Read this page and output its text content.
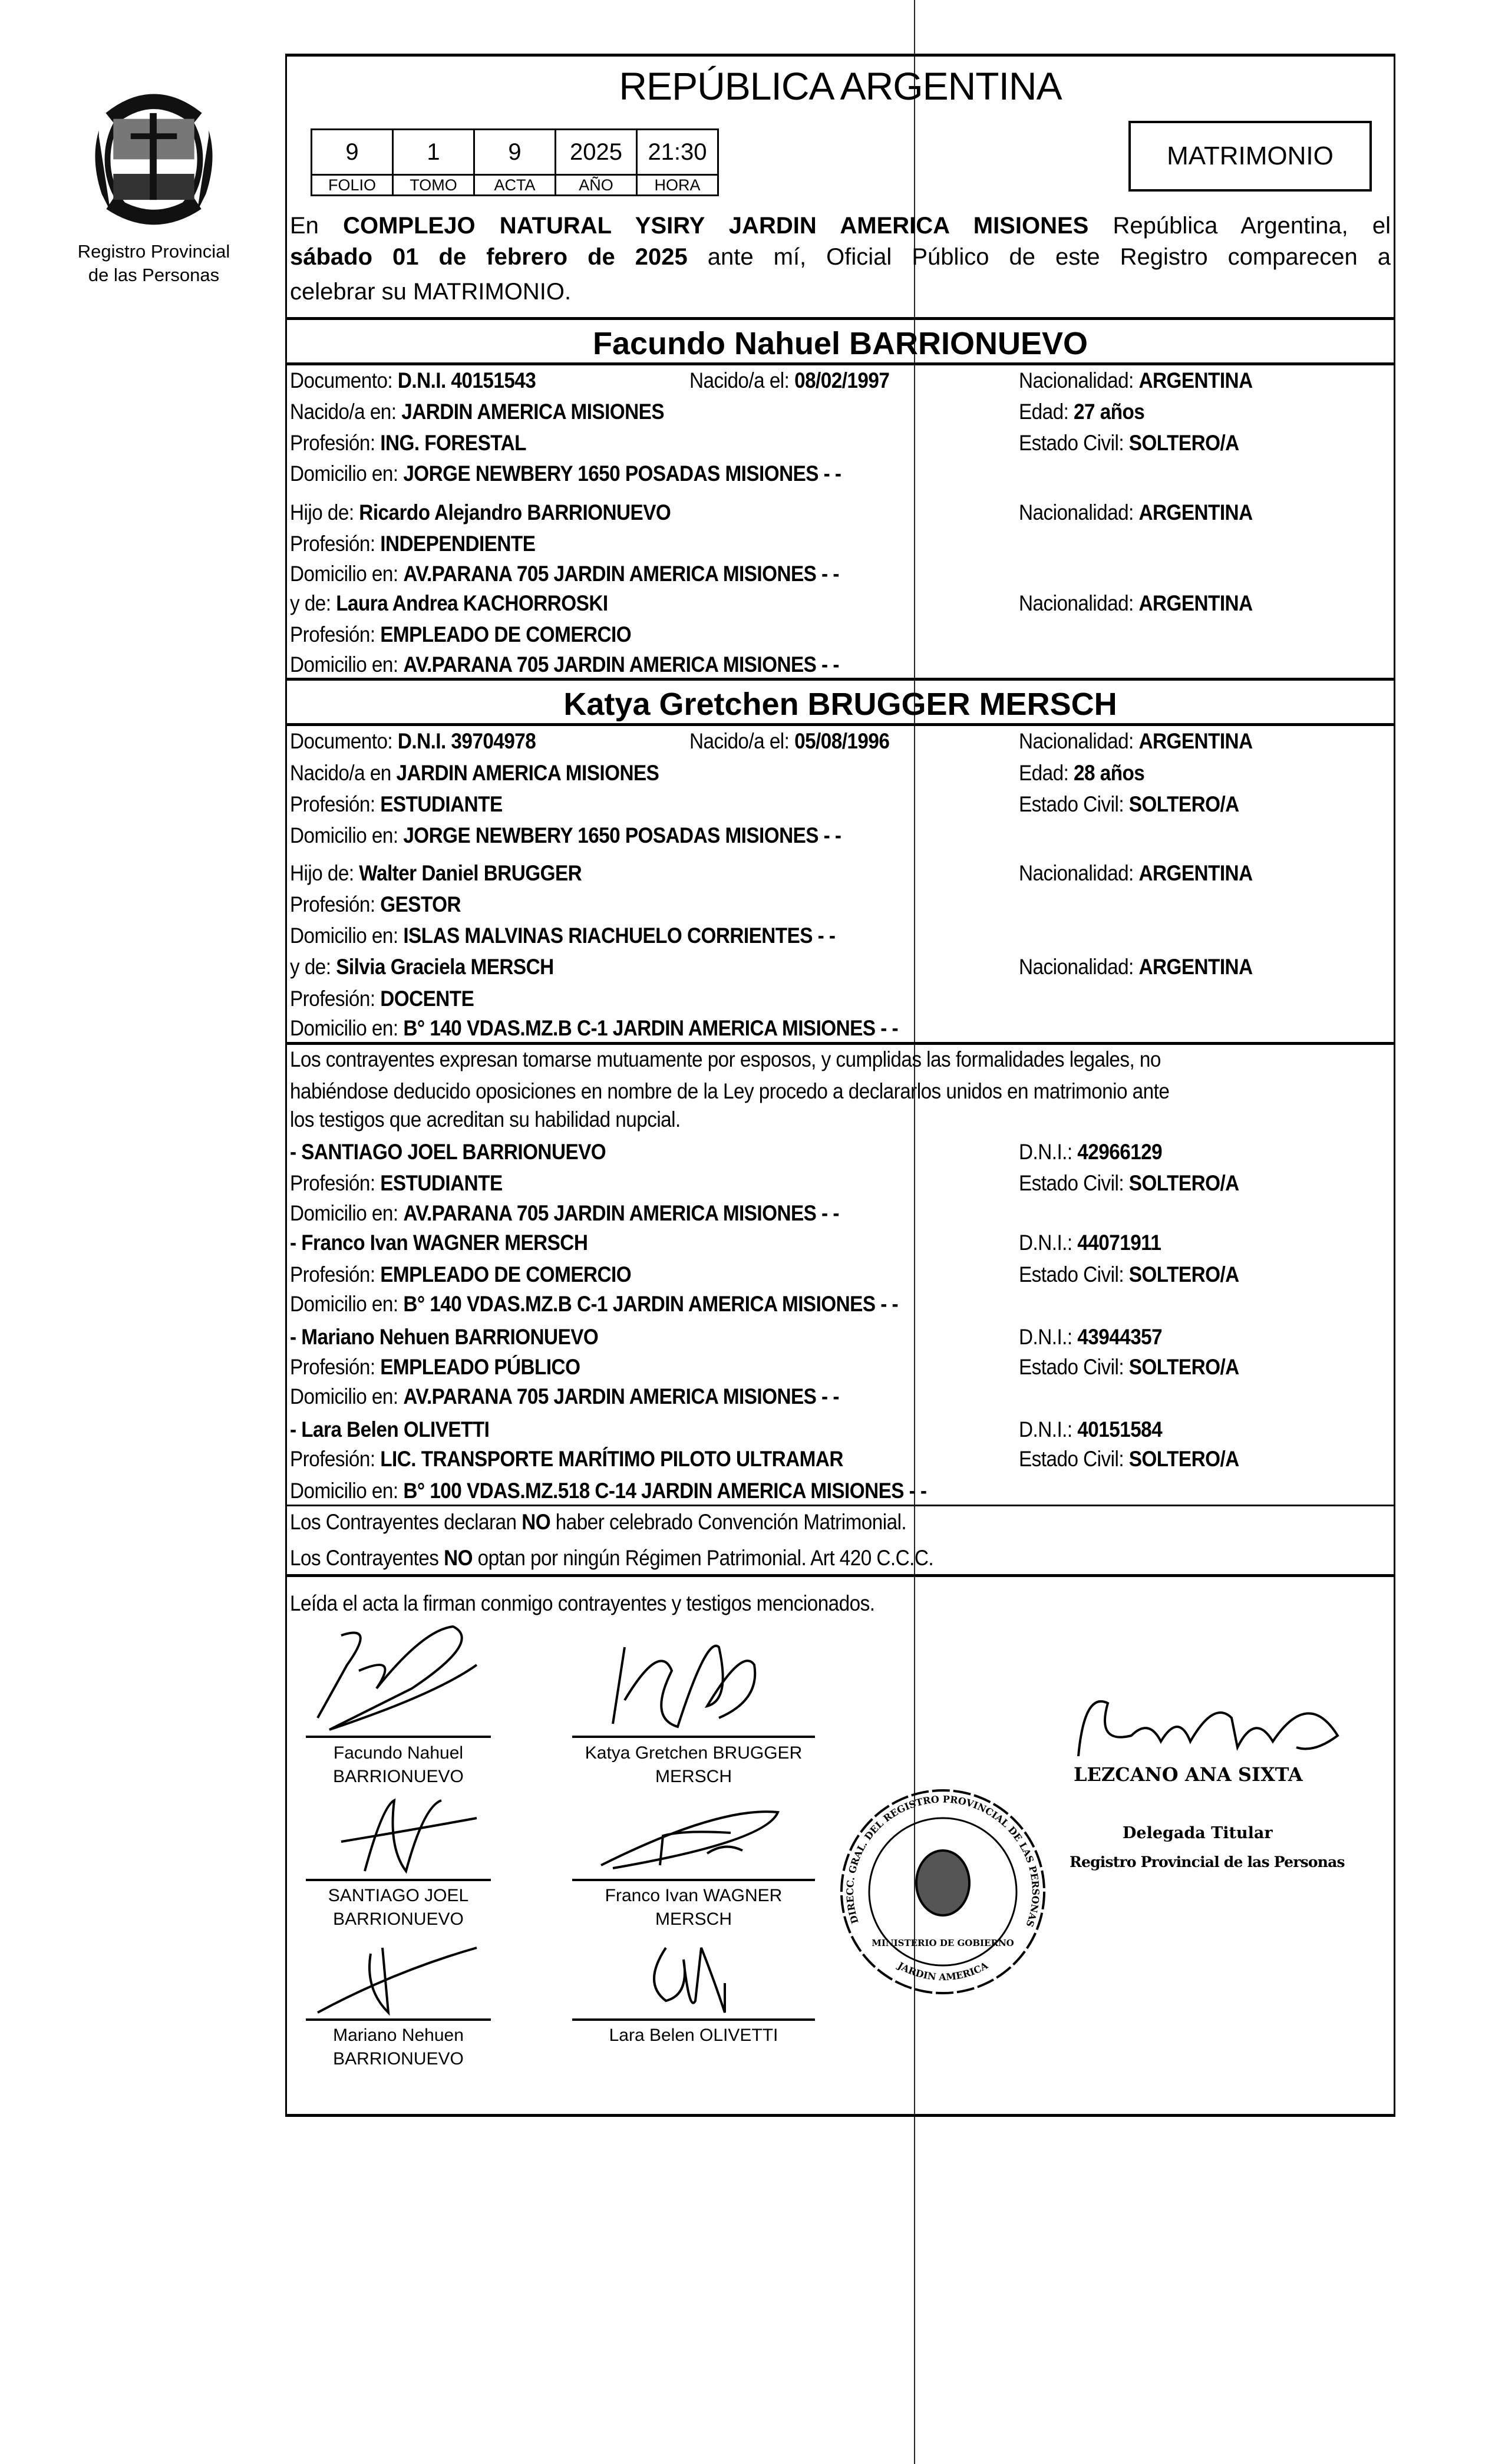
Registro Provincial
de las Personas
REPÚBLICA ARGENTINA
9	1	9	2025	21:30
FOLIO	TOMO	ACTA	AÑO	HORA
MATRIMONIO
En COMPLEJO NATURAL YSIRY JARDIN AMERICA MISIONES República Argentina, el
sábado 01 de febrero de 2025 ante mí, Oficial Público de este Registro comparecen a
celebrar su MATRIMONIO.
Facundo Nahuel BARRIONUEVO
Documento: D.N.I. 40151543	Nacido/a el: 08/02/1997	Nacionalidad: ARGENTINA
Nacido/a en: JARDIN AMERICA MISIONES	Edad: 27 años
Profesión: ING. FORESTAL	Estado Civil: SOLTERO/A
Domicilio en: JORGE NEWBERY 1650 POSADAS MISIONES - -
Hijo de: Ricardo Alejandro BARRIONUEVO	Nacionalidad: ARGENTINA
Profesión: INDEPENDIENTE
Domicilio en: AV.PARANA 705 JARDIN AMERICA MISIONES - -
y de: Laura Andrea KACHORROSKI	Nacionalidad: ARGENTINA
Profesión: EMPLEADO DE COMERCIO
Domicilio en: AV.PARANA 705 JARDIN AMERICA MISIONES - -
Katya Gretchen BRUGGER MERSCH
Documento: D.N.I. 39704978	Nacido/a el: 05/08/1996	Nacionalidad: ARGENTINA
Nacido/a en JARDIN AMERICA MISIONES	Edad: 28 años
Profesión: ESTUDIANTE	Estado Civil: SOLTERO/A
Domicilio en: JORGE NEWBERY 1650 POSADAS MISIONES - -
Hijo de: Walter Daniel BRUGGER	Nacionalidad: ARGENTINA
Profesión: GESTOR
Domicilio en: ISLAS MALVINAS RIACHUELO CORRIENTES - -
y de: Silvia Graciela MERSCH	Nacionalidad: ARGENTINA
Profesión: DOCENTE
Domicilio en: B° 140 VDAS.MZ.B C-1 JARDIN AMERICA MISIONES - -
Los contrayentes expresan tomarse mutuamente por esposos, y cumplidas las formalidades legales, no
habiéndose deducido oposiciones en nombre de la Ley procedo a declararlos unidos en matrimonio ante
los testigos que acreditan su habilidad nupcial.
- SANTIAGO JOEL BARRIONUEVO	D.N.I.: 42966129
Profesión: ESTUDIANTE	Estado Civil: SOLTERO/A
Domicilio en: AV.PARANA 705 JARDIN AMERICA MISIONES - -
- Franco Ivan WAGNER MERSCH	D.N.I.: 44071911
Profesión: EMPLEADO DE COMERCIO	Estado Civil: SOLTERO/A
Domicilio en: B° 140 VDAS.MZ.B C-1 JARDIN AMERICA MISIONES - -
- Mariano Nehuen BARRIONUEVO	D.N.I.: 43944357
Profesión: EMPLEADO PÚBLICO	Estado Civil: SOLTERO/A
Domicilio en: AV.PARANA 705 JARDIN AMERICA MISIONES - -
- Lara Belen OLIVETTI	D.N.I.: 40151584
Profesión: LIC. TRANSPORTE MARÍTIMO PILOTO ULTRAMAR	Estado Civil: SOLTERO/A
Domicilio en: B° 100 VDAS.MZ.518 C-14 JARDIN AMERICA MISIONES - -
Los Contrayentes declaran NO haber celebrado Convención Matrimonial.
Los Contrayentes NO optan por ningún Régimen Patrimonial. Art 420 C.C.C.
Leída el acta la firman conmigo contrayentes y testigos mencionados.
Facundo Nahuel
BARRIONUEVO
Katya Gretchen BRUGGER
MERSCH
SANTIAGO JOEL
BARRIONUEVO
Franco Ivan WAGNER
MERSCH
Mariano Nehuen
BARRIONUEVO
Lara Belen OLIVETTI
DIRECC. GRAL. DEL REGISTRO PROVINCIAL DE LAS PERSONAS
MINISTERIO DE GOBIERNO
JARDIN AMERICA
LEZCANO ANA SIXTA
Delegada Titular
Registro Provincial de las Personas
